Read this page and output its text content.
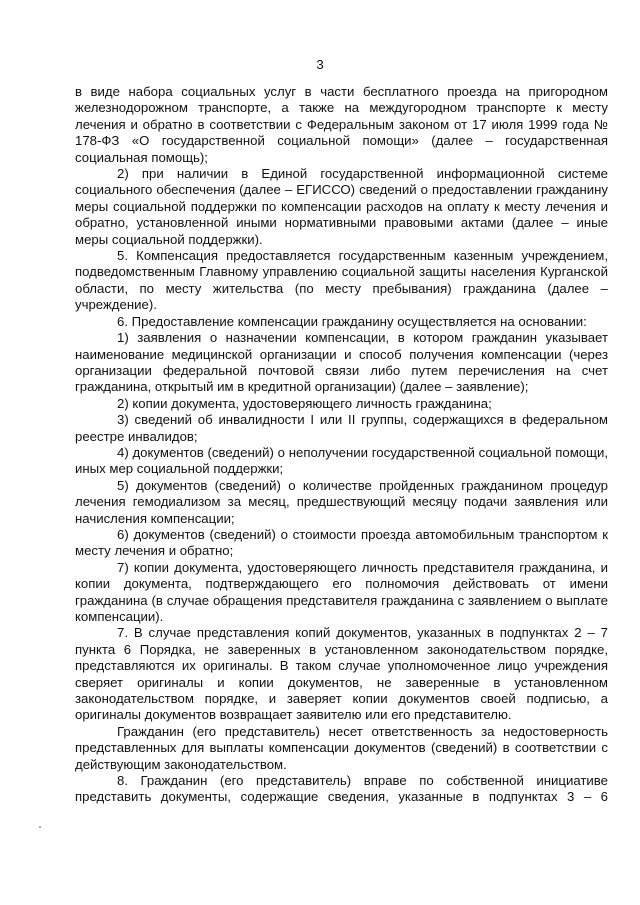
3

в виде набора социальных услуг в части бесплатного проезда на пригородном железнодорожном транспорте, а также на междугородном транспорте к месту лечения и обратно в соответствии с Федеральным законом от 17 июля 1999 года № 178-ФЗ «О государственной социальной помощи» (далее – государственная социальная помощь);

2) при наличии в Единой государственной информационной системе социального обеспечения (далее – ЕГИССО) сведений о предоставлении гражданину меры социальной поддержки по компенсации расходов на оплату к месту лечения и обратно, установленной иными нормативными правовыми актами (далее – иные меры социальной поддержки).

5. Компенсация предоставляется государственным казенным учреждением, подведомственным Главному управлению социальной защиты населения Курганской области, по месту жительства (по месту пребывания) гражданина (далее – учреждение).

6. Предоставление компенсации гражданину осуществляется на основании:

1) заявления о назначении компенсации, в котором гражданин указывает наименование медицинской организации и способ получения компенсации (через организации федеральной почтовой связи либо путем перечисления на счет гражданина, открытый им в кредитной организации) (далее – заявление);

2) копии документа, удостоверяющего личность гражданина;

3) сведений об инвалидности I или II группы, содержащихся в федеральном реестре инвалидов;

4) документов (сведений) о неполучении государственной социальной помощи, иных мер социальной поддержки;

5) документов (сведений) о количестве пройденных гражданином процедур лечения гемодиализом за месяц, предшествующий месяцу подачи заявления или начисления компенсации;

6) документов (сведений) о стоимости проезда автомобильным транспортом к месту лечения и обратно;

7) копии документа, удостоверяющего личность представителя гражданина, и копии документа, подтверждающего его полномочия действовать от имени гражданина (в случае обращения представителя гражданина с заявлением о выплате компенсации).

7. В случае представления копий документов, указанных в подпунктах 2 – 7 пункта 6 Порядка, не заверенных в установленном законодательством порядке, представляются их оригиналы. В таком случае уполномоченное лицо учреждения сверяет оригиналы и копии документов, не заверенные в установленном законодательством порядке, и заверяет копии документов своей подписью, а оригиналы документов возвращает заявителю или его представителю.

Гражданин (его представитель) несет ответственность за недостоверность представленных для выплаты компенсации документов (сведений) в соответствии с действующим законодательством.

8. Гражданин (его представитель) вправе по собственной инициативе представить документы, содержащие сведения, указанные в подпунктах 3 – 6
